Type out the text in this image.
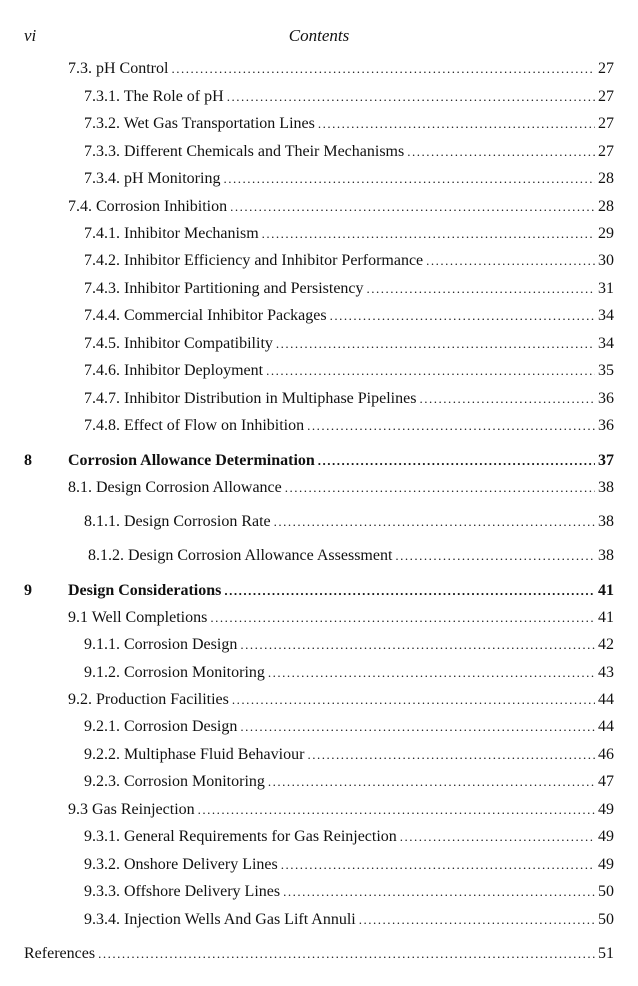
vi	Contents
7.3. pH Control .....	27
7.3.1. The Role of pH .....	27
7.3.2. Wet Gas Transportation Lines .....	27
7.3.3. Different Chemicals and Their Mechanisms .....	27
7.3.4. pH Monitoring .....	28
7.4. Corrosion Inhibition .....	28
7.4.1. Inhibitor Mechanism .....	29
7.4.2. Inhibitor Efficiency and Inhibitor Performance .....	30
7.4.3. Inhibitor Partitioning and Persistency .....	31
7.4.4. Commercial Inhibitor Packages .....	34
7.4.5. Inhibitor Compatibility .....	34
7.4.6. Inhibitor Deployment .....	35
7.4.7. Inhibitor Distribution in Multiphase Pipelines .....	36
7.4.8. Effect of Flow on Inhibition .....	36
8 Corrosion Allowance Determination .....	37
8.1. Design Corrosion Allowance .....	38
8.1.1. Design Corrosion Rate .....	38
8.1.2. Design Corrosion Allowance Assessment .....	38
9 Design Considerations .....	41
9.1 Well Completions .....	41
9.1.1. Corrosion Design .....	42
9.1.2. Corrosion Monitoring .....	43
9.2. Production Facilities .....	44
9.2.1. Corrosion Design .....	44
9.2.2. Multiphase Fluid Behaviour .....	46
9.2.3. Corrosion Monitoring .....	47
9.3 Gas Reinjection .....	49
9.3.1. General Requirements for Gas Reinjection .....	49
9.3.2. Onshore Delivery Lines .....	49
9.3.3. Offshore Delivery Lines .....	50
9.3.4. Injection Wells And Gas Lift Annuli .....	50
References .....	51
